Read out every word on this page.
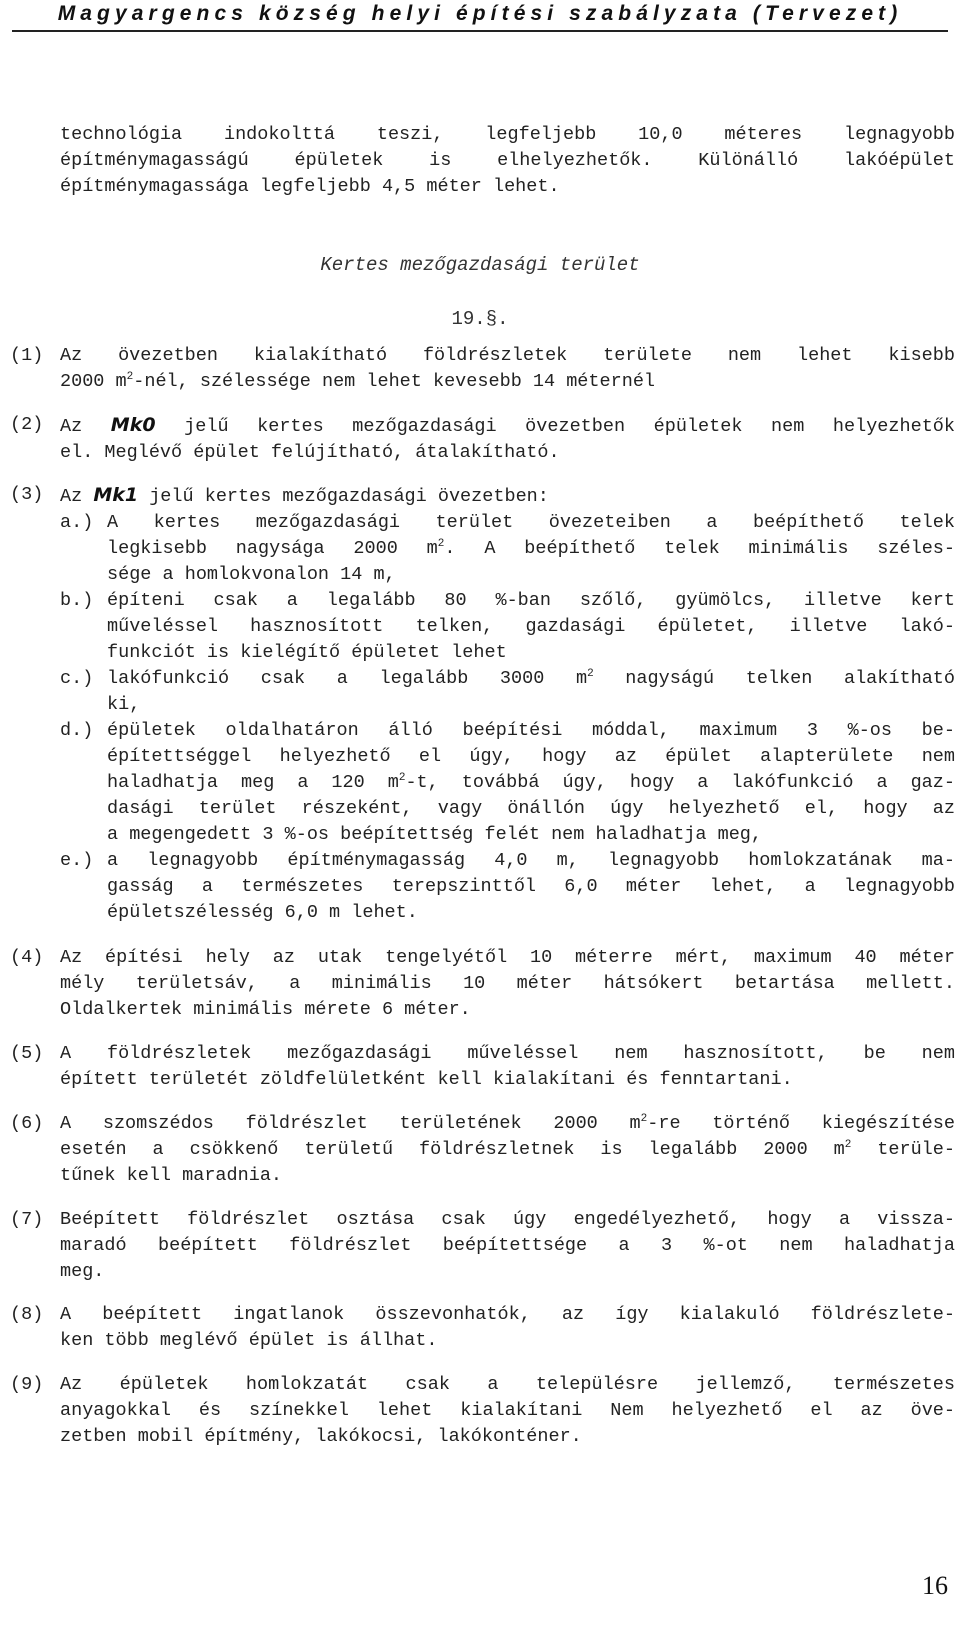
Magyargencs község helyi építési szabályzata (Tervezet)
technológia indokolttá teszi, legfeljebb 10,0 méteres legnagyobb
építménymagasságú épületek is elhelyezhetők. Különálló lakóépület
építménymagassága legfeljebb 4,5 méter lehet.
Kertes mezőgazdasági terület
19.§.
(1) Az övezetben kialakítható földrészletek területe nem lehet kisebb
2000 $m^2$-nél, szélessége nem lehet kevesebb 14 méternél
(2) Az Mk0 jelű kertes mezőgazdasági övezetben épületek nem helyezhetők
el. Meglévő épület felújítható, átalakítható.
(3) Az Mk1 jelű kertes mezőgazdasági övezetben:
a.) A kertes mezőgazdasági terület övezeteiben a beépíthető telek
legkisebb nagysága 2000 $m^2$. A beépíthető telek minimális széles-
sége a homlokvonalon 14 m,
b.) építeni csak a legalább 80 %-ban szőlő, gyümölcs, illetve kert
műveléssel hasznosított telken, gazdasági épületet, illetve lakó-
funkciót is kielégítő épületet lehet
c.) lakófunkció csak a legalább 3000 $m^2$ nagyságú telken alakítható
ki,
d.) épületek oldalhatáron álló beépítési móddal, maximum 3 %-os be-
építettséggel helyezhető el úgy, hogy az épület alapterülete nem
haladhatja meg a 120 $m^2-t$, továbbá úgy, hogy a lakófunkció a gaz-
dasági terület részeként, vagy önállón úgy helyezhető el, hogy az
a megengedett 3 %-os beépítettség felét nem haladhatja meg,
e.) a legnagyobb építménymagasság 4,0 m, legnagyobb homlokzatának ma-
gasság a természetes terepszinttől 6,0 méter lehet, a legnagyobb
épületszélesség 6,0 m lehet.
(4) Az építési hely az utak tengelyétől 10 méterre mért, maximum 40 méter
mély területsáv, a minimális 10 méter hátsókert betartása mellett.
Oldalkertek minimális mérete 6 méter.
(5) A földrészletek mezőgazdasági műveléssel nem hasznosított, be nem
épített területét zöldfelületként kell kialakítani és fenntartani.
(6) A szomszédos földrészlet területének 2000 $m^2-re$ történő kiegészítése
esetén a csökkenő területű földrészletnek is legalább 2000 $m^2$ terüle-
tűnek kell maradnia.
(7) Beépített földrészlet osztása csak úgy engedélyezhető, hogy a vissza-
maradó beépített földrészlet beépítettsége a 3 %-ot nem haladhatja
meg.
(8) A beépített ingatlanok összevonhatók, az így kialakuló földrészlete-
ken több meglévő épület is állhat.
(9) Az épületek homlokzatát csak a településre jellemző, természetes
anyagokkal és színekkel lehet kialakítani Nem helyezhető el az öve-
zetben mobil építmény, lakókocsi, lakókonténer.
16
